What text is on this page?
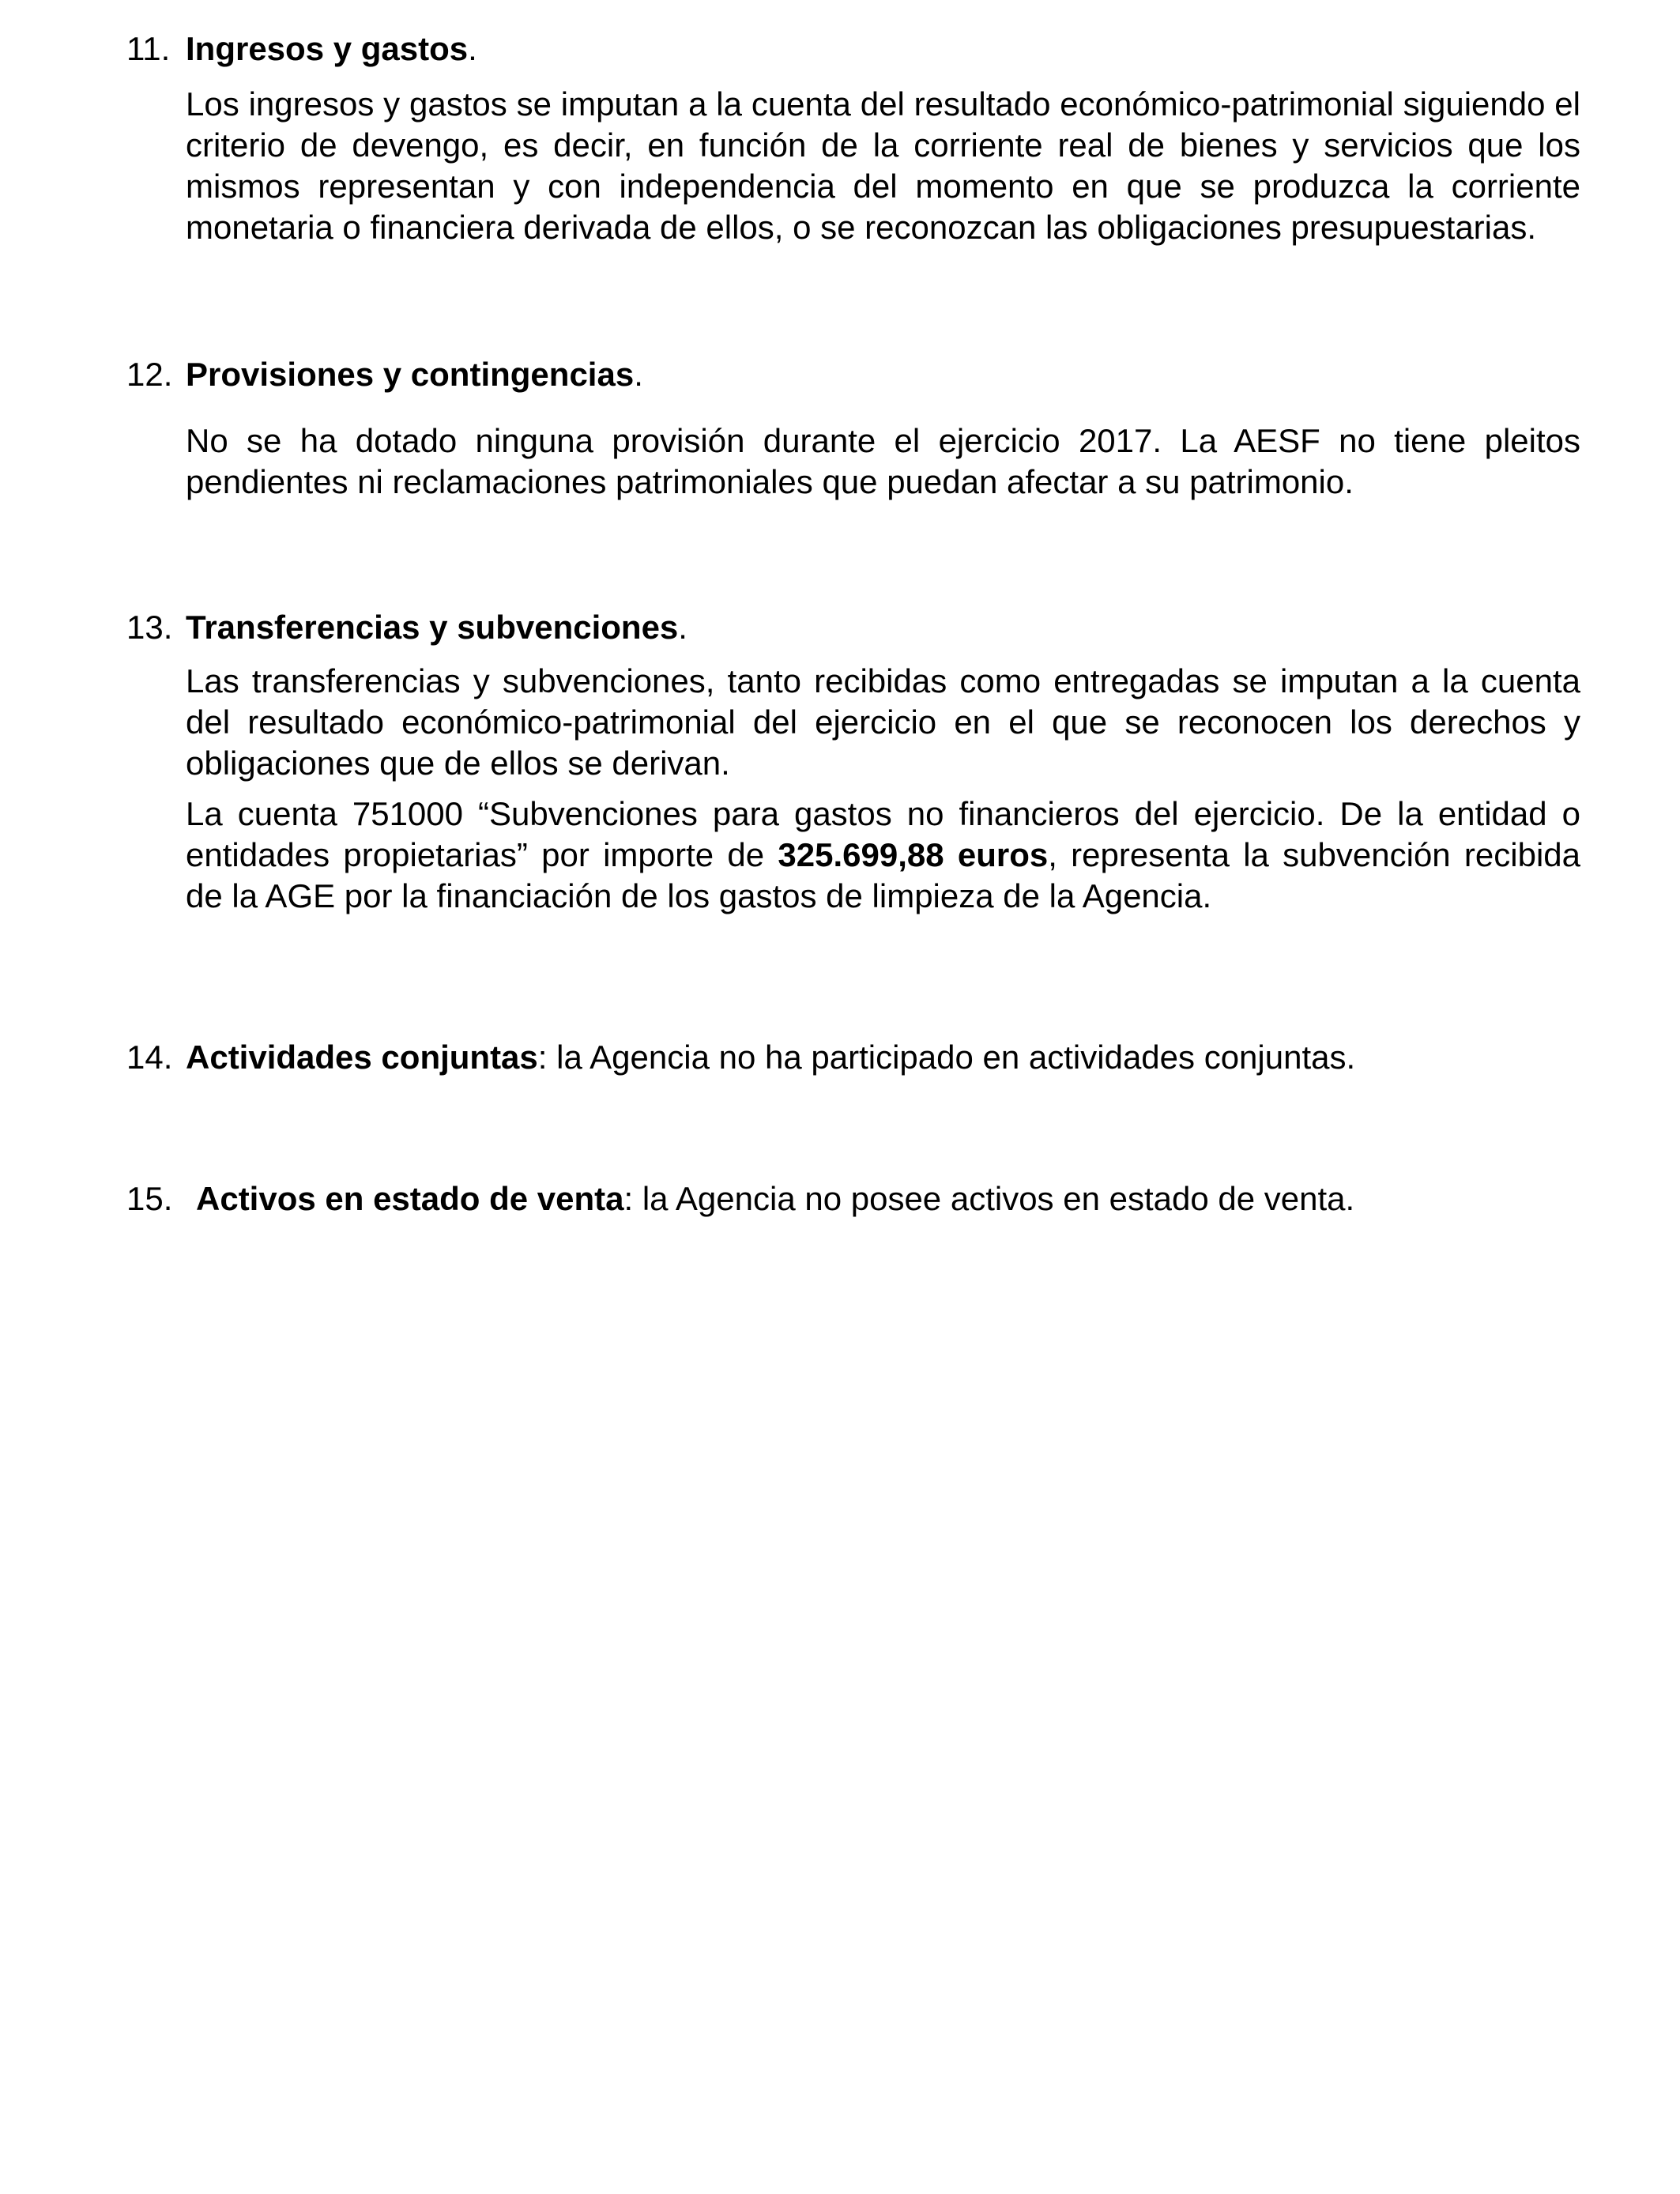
11. Ingresos y gastos.
Los ingresos y gastos se imputan a la cuenta del resultado económico-patrimonial siguiendo el criterio de devengo, es decir, en función de la corriente real de bienes y servicios que los mismos representan y con independencia del momento en que se produzca la corriente monetaria o financiera derivada de ellos, o se reconozcan las obligaciones presupuestarias.
12. Provisiones y contingencias.
No se ha dotado ninguna provisión durante el ejercicio 2017. La AESF no tiene pleitos pendientes ni reclamaciones patrimoniales que puedan afectar a su patrimonio.
13. Transferencias y subvenciones.
Las transferencias y subvenciones, tanto recibidas como entregadas se imputan a la cuenta del resultado económico-patrimonial del ejercicio en el que se reconocen los derechos y obligaciones que de ellos se derivan.
La cuenta 751000 “Subvenciones para gastos no financieros del ejercicio. De la entidad o entidades propietarias” por importe de 325.699,88 euros, representa la subvención recibida de la AGE por la financiación de los gastos de limpieza de la Agencia.
14. Actividades conjuntas: la Agencia no ha participado en actividades conjuntas.
15. Activos en estado de venta: la Agencia no posee activos en estado de venta.
